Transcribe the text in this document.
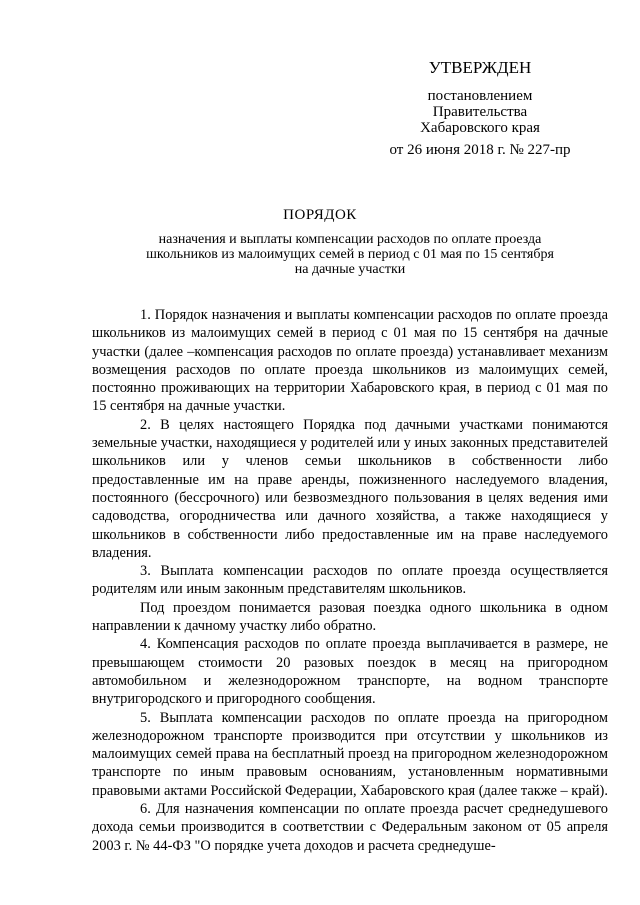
УТВЕРЖДЕН
постановлением
Правительства
Хабаровского края
от 26 июня 2018 г. № 227-пр
ПОРЯДОК
назначения и выплаты компенсации расходов по оплате проезда
школьников из малоимущих семей в период с 01 мая по 15 сентября
на дачные участки

1. Порядок назначения и выплаты компенсации расходов по оплате проезда школьников из малоимущих семей в период с 01 мая по 15 сентября на дачные участки (далее –компенсация расходов по оплате проезда) устанавливает механизм возмещения расходов по оплате проезда школьников из малоимущих семей, постоянно проживающих на территории Хабаровского края, в период с 01 мая по 15 сентября на дачные участки.

2. В целях настоящего Порядка под дачными участками понимаются земельные участки, находящиеся у родителей или у иных законных представителей школьников или у членов семьи школьников в собственности либо предоставленные им на праве аренды, пожизненного наследуемого владения, постоянного (бессрочного) или безвозмездного пользования в целях ведения ими садоводства, огородничества или дачного хозяйства, а также находящиеся у школьников в собственности либо предоставленные им на праве наследуемого владения.

3. Выплата компенсации расходов по оплате проезда осуществляется родителям или иным законным представителям школьников.

Под проездом понимается разовая поездка одного школьника в одном направлении к дачному участку либо обратно.

4. Компенсация расходов по оплате проезда выплачивается в размере, не превышающем стоимости 20 разовых поездок в месяц на пригородном автомобильном и железнодорожном транспорте, на водном транспорте внутригородского и пригородного сообщения.

5. Выплата компенсации расходов по оплате проезда на пригородном железнодорожном транспорте производится при отсутствии у школьников из малоимущих семей права на бесплатный проезд на пригородном железнодорожном транспорте по иным правовым основаниям, установленным нормативными правовыми актами Российской Федерации, Хабаровского края (далее также – край).

6. Для назначения компенсации по оплате проезда расчет среднедушевого дохода семьи производится в соответствии с Федеральным законом от 05 апреля 2003 г. № 44-ФЗ "О порядке учета доходов и расчета среднедуше-
